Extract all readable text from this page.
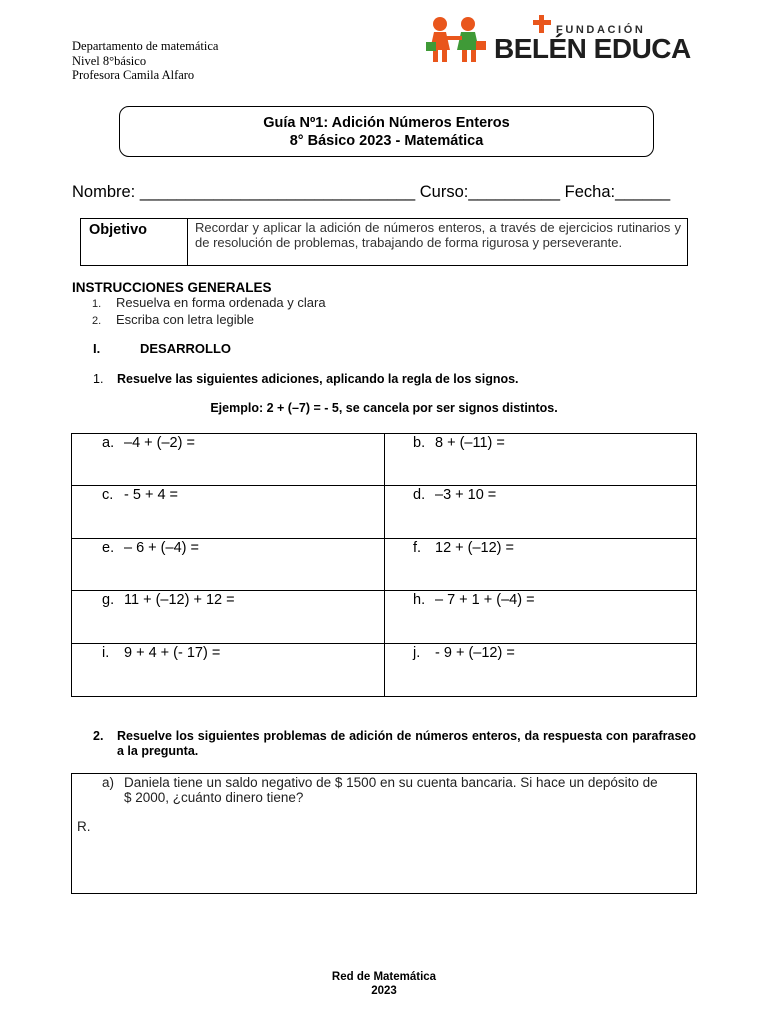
Departamento de matemática
Nivel 8°básico
Profesora Camila Alfaro
FUNDACIÓN
BELÉN EDUCA
Guía Nº1: Adición Números Enteros
8° Básico 2023 - Matemática
Nombre: ______________________________ Curso:__________ Fecha:______
Objetivo	Recordar y aplicar la adición de números enteros, a través de ejercicios rutinarios y de resolución de problemas, trabajando de forma rigurosa y perseverante.
INSTRUCCIONES GENERALES
1. Resuelva en forma ordenada y clara
2. Escriba con letra legible
I.	DESARROLLO
1. Resuelve las siguientes adiciones, aplicando la regla de los signos.
Ejemplo: 2 + (–7) = - 5, se cancela por ser signos distintos.
a. –4 + (–2) =	b. 8 + (–11) =
c. - 5 + 4 =	d. –3 + 10 =
e. – 6 + (–4) =	f. 12 + (–12) =
g. 11 + (–12) + 12 =	h. – 7 + 1 + (–4) =
i. 9 + 4 + (- 17) =	j. - 9 + (–12) =
2.	Resuelve los siguientes problemas de adición de números enteros, da respuesta con parafraseo a la pregunta.
a) Daniela tiene un saldo negativo de $ 1500 en su cuenta bancaria. Si hace un depósito de $ 2000, ¿cuánto dinero tiene?
R.
Red de Matemática
2023
